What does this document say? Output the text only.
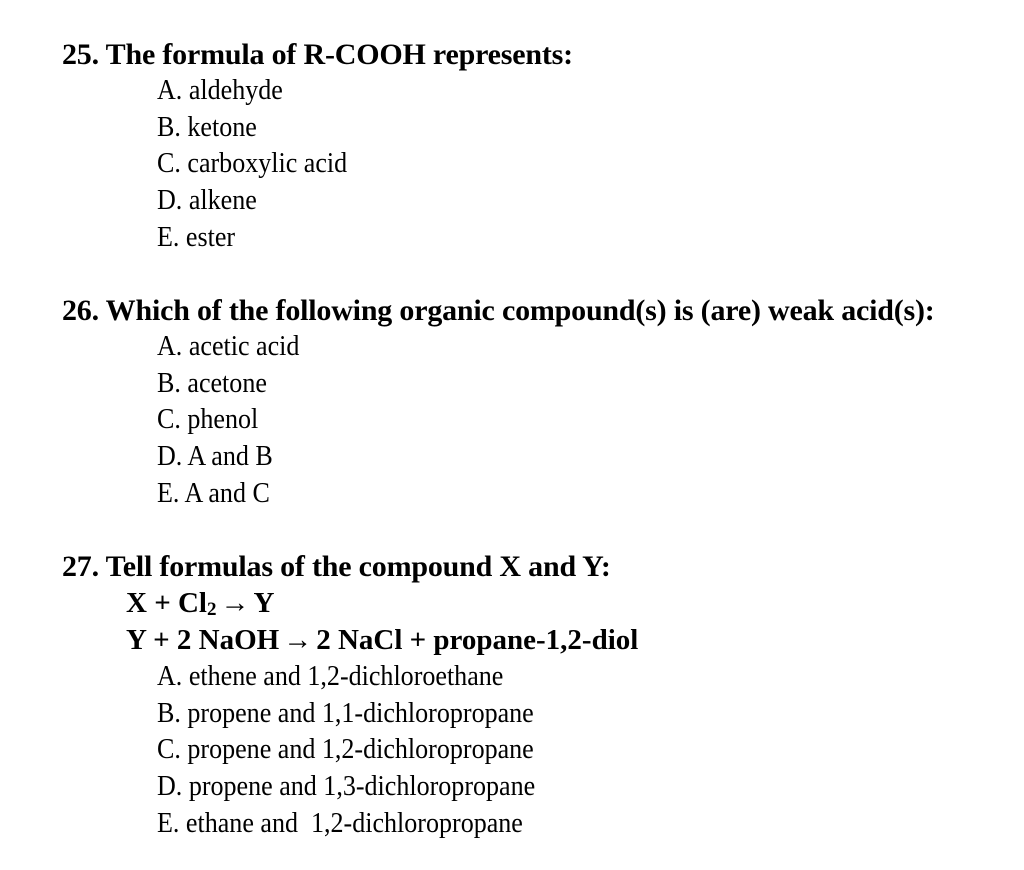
25. The formula of R-COOH represents:
A. aldehyde
B. ketone
C. carboxylic acid
D. alkene
E. ester
26. Which of the following organic compound(s) is (are) weak acid(s):
A. acetic acid
B. acetone
C. phenol
D. A and B
E. A and C
27. Tell formulas of the compound X and Y:
$X + Cl_2 \to Y$
Y + 2 NaOH → 2 NaCl + propane-1,2-diol
A. ethene and 1,2-dichloroethane
B. propene and 1,1-dichloropropane
C. propene and 1,2-dichloropropane
D. propene and 1,3-dichloropropane
E. ethane and  1,2-dichloropropane
